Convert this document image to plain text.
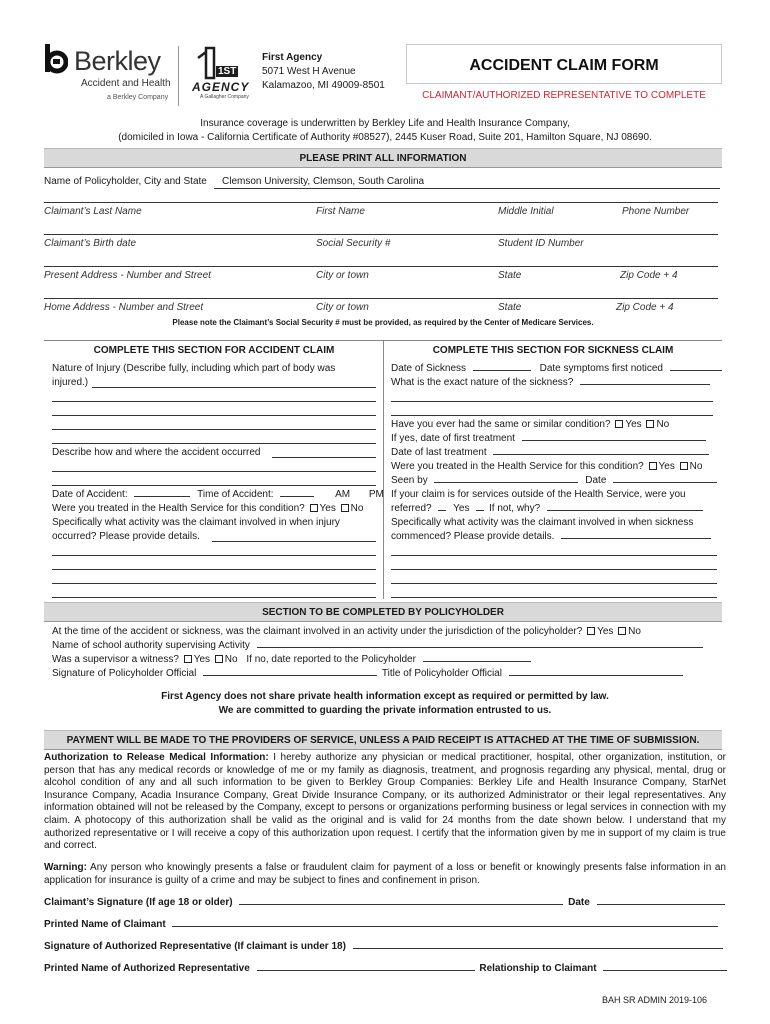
Berkley
Accident and Health
a Berkley Company
1ST
AGENCY
A Gallagher Company
First Agency
5071 West H Avenue
Kalamazoo, MI 49009-8501
ACCIDENT CLAIM FORM
CLAIMANT/AUTHORIZED REPRESENTATIVE TO COMPLETE
Insurance coverage is underwritten by Berkley Life and Health Insurance Company,
(domiciled in Iowa - California Certificate of Authority #08527), 2445 Kuser Road, Suite 201, Hamilton Square, NJ 08690.
PLEASE PRINT ALL INFORMATION
Name of Policyholder, City and State Clemson University, Clemson, South Carolina
Claimant’s Last Name	First Name	Middle Initial	Phone Number
Claimant’s Birth date	Social Security #	Student ID Number
Present Address - Number and Street	City or town	State	Zip Code + 4
Home Address - Number and Street	City or town	State	Zip Code + 4
Please note the Claimant’s Social Security # must be provided, as required by the Center of Medicare Services.
COMPLETE THIS SECTION FOR ACCIDENT CLAIM	COMPLETE THIS SECTION FOR SICKNESS CLAIM
Nature of Injury (Describe fully, including which part of body was
injured.)
Describe how and where the accident occurred
Date of Accident:	Time of Accident:	AM PM
Were you treated in the Health Service for this condition? Yes No
Specifically what activity was the claimant involved in when injury
occurred? Please provide details.
Date of Sickness	Date symptoms first noticed
What is the exact nature of the sickness?
Have you ever had the same or similar condition? Yes No
If yes, date of first treatment
Date of last treatment
Were you treated in the Health Service for this condition? Yes No
Seen by	Date
If your claim is for services outside of the Health Service, were you
referred? Yes If not, why?
Specifically what activity was the claimant involved in when sickness
commenced? Please provide details.
SECTION TO BE COMPLETED BY POLICYHOLDER
At the time of the accident or sickness, was the claimant involved in an activity under the jurisdiction of the policyholder? Yes No
Name of school authority supervising Activity
Was a supervisor a witness? Yes No If no, date reported to the Policyholder
Signature of Policyholder Official	Title of Policyholder Official
First Agency does not share private health information except as required or permitted by law.
We are committed to guarding the private information entrusted to us.
PAYMENT WILL BE MADE TO THE PROVIDERS OF SERVICE, UNLESS A PAID RECEIPT IS ATTACHED AT THE TIME OF SUBMISSION.
Authorization to Release Medical Information: I hereby authorize any physician or medical practitioner, hospital, other organization, institution, or person that has any medical records or knowledge of me or my family as diagnosis, treatment, and prognosis regarding any physical, mental, drug or alcohol condition of any and all such information to be given to Berkley Group Companies: Berkley Life and Health Insurance Company, StarNet Insurance Company, Acadia Insurance Company, Great Divide Insurance Company, or its authorized Administrator or their legal representatives. Any information obtained will not be released by the Company, except to persons or organizations performing business or legal services in connection with my claim. A photocopy of this authorization shall be valid as the original and is valid for 24 months from the date shown below. I understand that my authorized representative or I will receive a copy of this authorization upon request. I certify that the information given by me in support of my claim is true and correct.
Warning: Any person who knowingly presents a false or fraudulent claim for payment of a loss or benefit or knowingly presents false information in an application for insurance is guilty of a crime and may be subject to fines and confinement in prison.
Claimant’s Signature (If age 18 or older)	Date
Printed Name of Claimant
Signature of Authorized Representative (If claimant is under 18)
Printed Name of Authorized Representative	Relationship to Claimant
BAH SR ADMIN 2019-106
